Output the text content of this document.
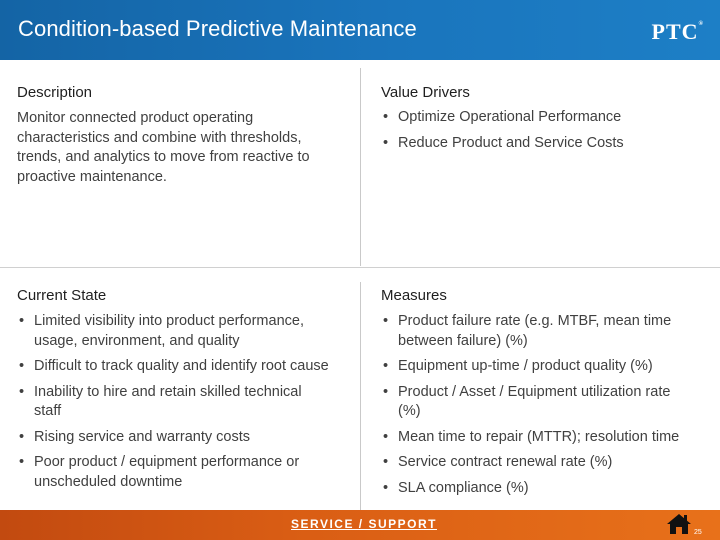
Condition-based Predictive Maintenance	PTC®
Description
Monitor connected product operating characteristics and combine with thresholds, trends, and analytics to move from reactive to proactive maintenance.
Value Drivers
• Optimize Operational Performance
• Reduce Product and Service Costs
Current State
• Limited visibility into product performance, usage, environment, and quality
• Difficult to track quality and identify root cause
• Inability to hire and retain skilled technical staff
• Rising service and warranty costs
• Poor product / equipment performance or unscheduled downtime
Measures
• Product failure rate (e.g. MTBF, mean time between failure) (%)
• Equipment up-time / product quality (%)
• Product / Asset / Equipment utilization rate (%)
• Mean time to repair (MTTR); resolution time
• Service contract renewal rate (%)
• SLA compliance (%)
SERVICE / SUPPORT
25
